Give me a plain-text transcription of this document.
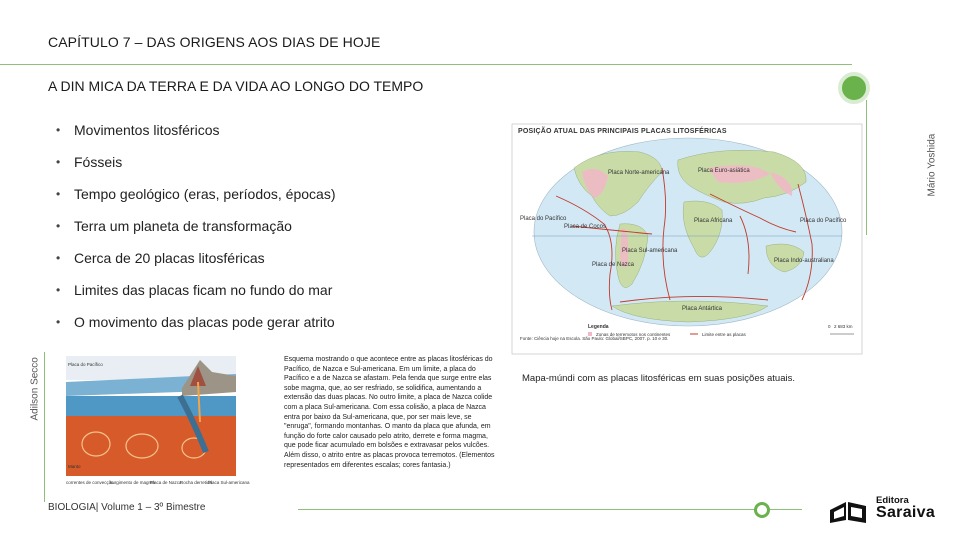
CAPÍTULO 7 – DAS ORIGENS AOS DIAS DE HOJE
A DIN MICA DA TERRA E DA VIDA AO LONGO DO TEMPO
Mário Yoshida
• Movimentos litosféricos
• Fósseis
• Tempo geológico (eras, períodos, épocas)
• Terra um planeta de transformação
• Cerca de 20 placas litosféricas
• Limites das placas ficam no fundo do mar
• O movimento das placas pode gerar atrito
Placa Norte-americana	Placa Euro-asiática
Placa do Pacífico	Placa Africana
Placa de Cocos
Placa de Nazca
Placa Sul-americana
Placa do Pacífico
Placa Indo-australiana
Placa Antártica
Fonte: Ciência hoje na Escola. São Paulo: Global/SBPC, 2007. p. 10 e 30.
Legenda
Zonas de terremotos nos continentes	Limite entre as placas
0 2 683 km
POSIÇÃO ATUAL DAS PRINCIPAIS PLACAS LITOSFÉRICAS
Mapa-múndi com as placas litosféricas em suas posições atuais.
Adilson Secco	Placa do Pacífico
Manto
correntes de convecção
surgimento de magma
Placa de Nazca
Rocha derretida
Placa Sul-americana
Esquema mostrando o que acontece entre as placas litosféricas do Pacífico, de Nazca e Sul-americana. Em um limite, a placa do Pacífico e a de Nazca se afastam. Pela fenda que surge entre elas sobe magma, que, ao ser resfriado, se solidifica, aumentando a extensão das duas placas. No outro limite, a placa de Nazca colide com a placa Sul-americana. Com essa colisão, a placa de Nazca entra por baixo da Sul-americana, que, por ser mais leve, se "enruga", formando montanhas. O manto da placa que afunda, em função do forte calor causado pelo atrito, derrete e forma magma, que pode ficar acumulado em bolsões e extravasar pelos vulcões. Além disso, o atrito entre as placas provoca terremotos. (Elementos representados em diferentes escalas; cores fantasia.)
BIOLOGIA| Volume 1 – 3º Bimestre
Editora
Saraiva
